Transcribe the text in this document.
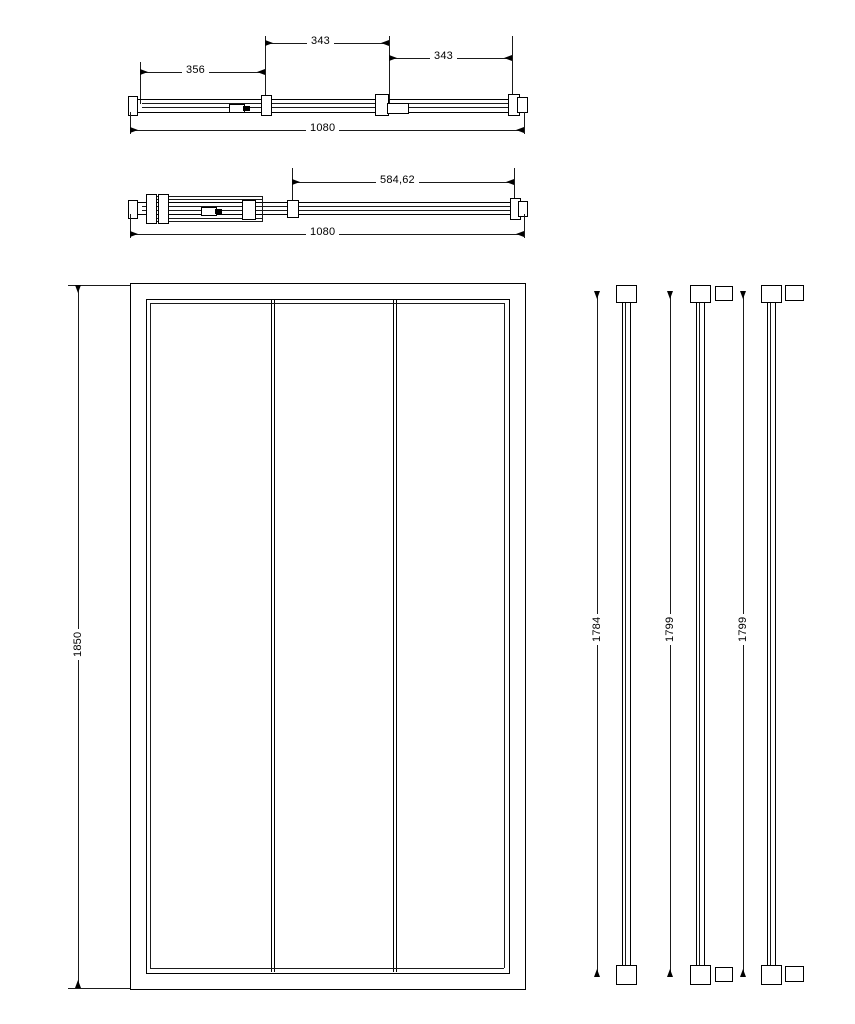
343
343
356
1080
584,62
1080
1850
1784	1799	1799
